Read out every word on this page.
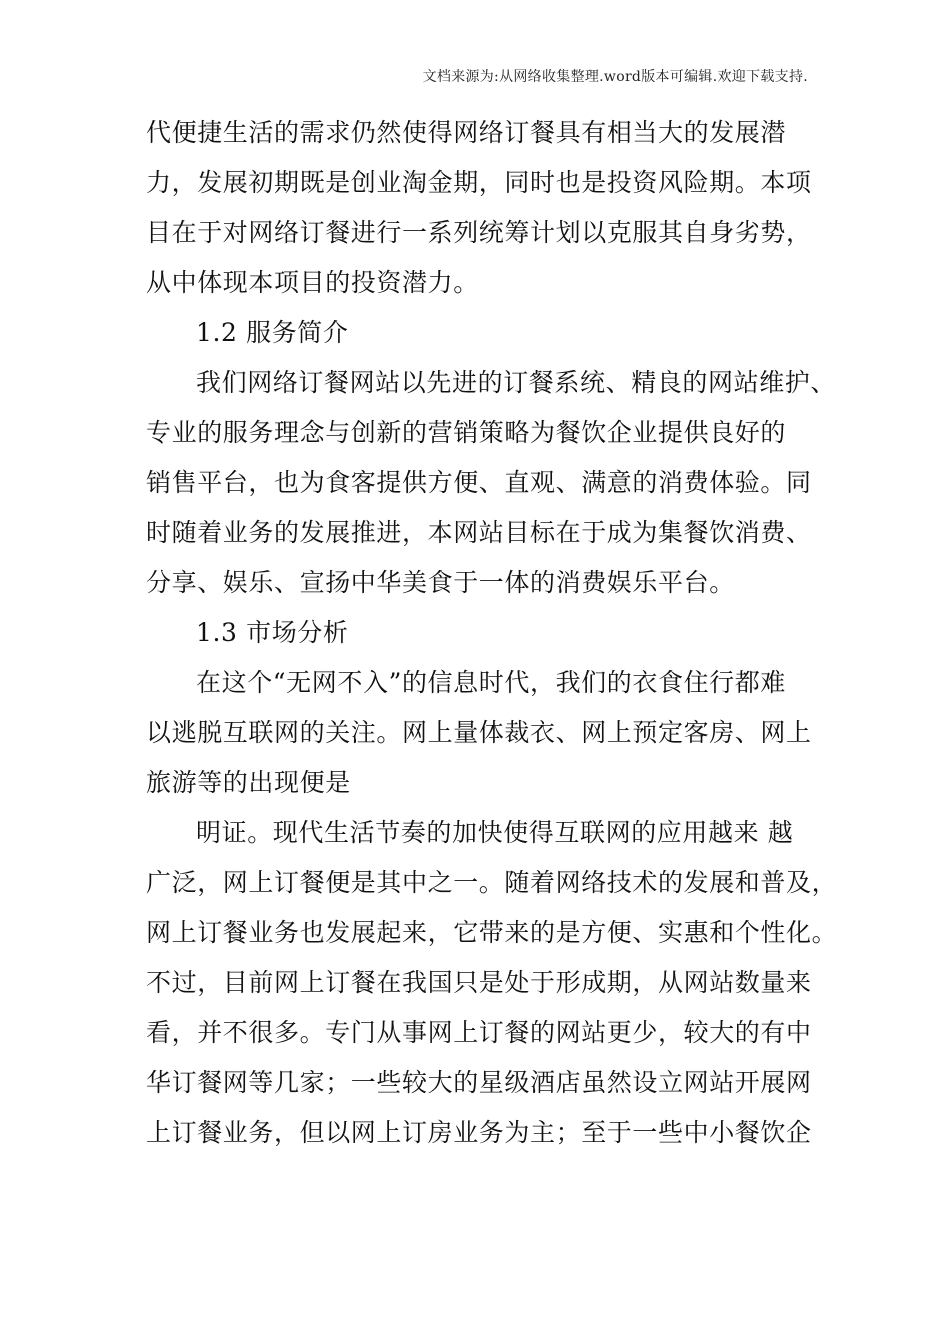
文档来源为:从网络收集整理.word版本可编辑.欢迎下载支持.
代便捷生活的需求仍然使得网络订餐具有相当大的发展潜
力，发展初期既是创业淘金期，同时也是投资风险期。本项
目在于对网络订餐进行一系列统筹计划以克服其自身劣势，
从中体现本项目的投资潜力。
1.2 服务简介
我们网络订餐网站以先进的订餐系统、精良的网站维护、
专业的服务理念与创新的营销策略为餐饮企业提供良好的
销售平台，也为食客提供方便、直观、满意的消费体验。同
时随着业务的发展推进，本网站目标在于成为集餐饮消费、
分享、娱乐、宣扬中华美食于一体的消费娱乐平台。
1.3 市场分析
在这个“无网不入”的信息时代，我们的衣食住行都难
以逃脱互联网的关注。网上量体裁衣、网上预定客房、网上
旅游等的出现便是
明证。现代生活节奏的加快使得互联网的应用越来 越
广泛，网上订餐便是其中之一。随着网络技术的发展和普及，
网上订餐业务也发展起来，它带来的是方便、实惠和个性化。
不过，目前网上订餐在我国只是处于形成期，从网站数量来
看，并不很多。专门从事网上订餐的网站更少，较大的有中
华订餐网等几家；一些较大的星级酒店虽然设立网站开展网
上订餐业务，但以网上订房业务为主；至于一些中小餐饮企
